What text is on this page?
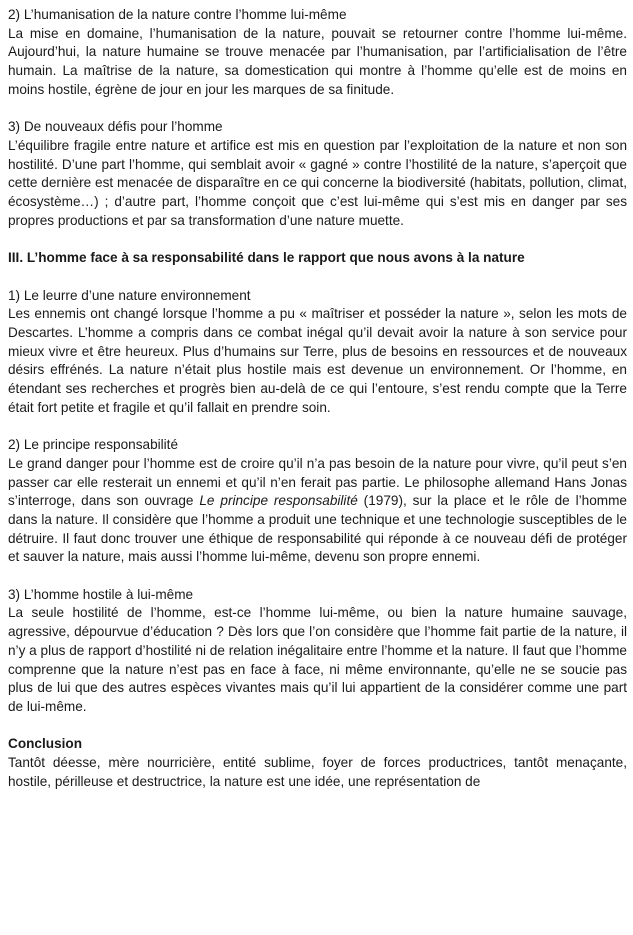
2) L’humanisation de la nature contre l’homme lui-même

La mise en domaine, l’humanisation de la nature, pouvait se retourner contre l’homme lui-même. Aujourd’hui, la nature humaine se trouve menacée par l’humanisation, par l’artificialisation de l’être humain. La maîtrise de la nature, sa domestication qui montre à l’homme qu’elle est de moins en moins hostile, égrène de jour en jour les marques de sa finitude.

3) De nouveaux défis pour l’homme

L’équilibre fragile entre nature et artifice est mis en question par l’exploitation de la nature et non son hostilité. D’une part l’homme, qui semblait avoir « gagné » contre l’hostilité de la nature, s’aperçoit que cette dernière est menacée de disparaître en ce qui concerne la biodiversité (habitats, pollution, climat, écosystème…) ; d’autre part, l’homme conçoit que c’est lui-même qui s’est mis en danger par ses propres productions et par sa transformation d’une nature muette.

III. L’homme face à sa responsabilité dans le rapport que nous avons à la nature

1) Le leurre d’une nature environnement

Les ennemis ont changé lorsque l’homme a pu « maîtriser et posséder la nature », selon les mots de Descartes. L’homme a compris dans ce combat inégal qu’il devait avoir la nature à son service pour mieux vivre et être heureux. Plus d’humains sur Terre, plus de besoins en ressources et de nouveaux désirs effrénés. La nature n’était plus hostile mais est devenue un environnement. Or l’homme, en étendant ses recherches et progrès bien au-delà de ce qui l’entoure, s’est rendu compte que la Terre était fort petite et fragile et qu’il fallait en prendre soin.

2) Le principe responsabilité

Le grand danger pour l’homme est de croire qu’il n’a pas besoin de la nature pour vivre, qu’il peut s’en passer car elle resterait un ennemi et qu’il n’en ferait pas partie. Le philosophe allemand Hans Jonas s’interroge, dans son ouvrage Le principe responsabilité (1979), sur la place et le rôle de l’homme dans la nature. Il considère que l’homme a produit une technique et une technologie susceptibles de le détruire. Il faut donc trouver une éthique de responsabilité qui réponde à ce nouveau défi de protéger et sauver la nature, mais aussi l’homme lui-même, devenu son propre ennemi.

3) L’homme hostile à lui-même

La seule hostilité de l’homme, est-ce l’homme lui-même, ou bien la nature humaine sauvage, agressive, dépourvue d’éducation ? Dès lors que l’on considère que l’homme fait partie de la nature, il n’y a plus de rapport d’hostilité ni de relation inégalitaire entre l’homme et la nature. Il faut que l’homme comprenne que la nature n’est pas en face à face, ni même environnante, qu’elle ne se soucie pas plus de lui que des autres espèces vivantes mais qu’il lui appartient de la considérer comme une part de lui-même.

Conclusion

Tantôt déesse, mère nourricière, entité sublime, foyer de forces productrices, tantôt menaçante, hostile, périlleuse et destructrice, la nature est une idée, une représentation de
